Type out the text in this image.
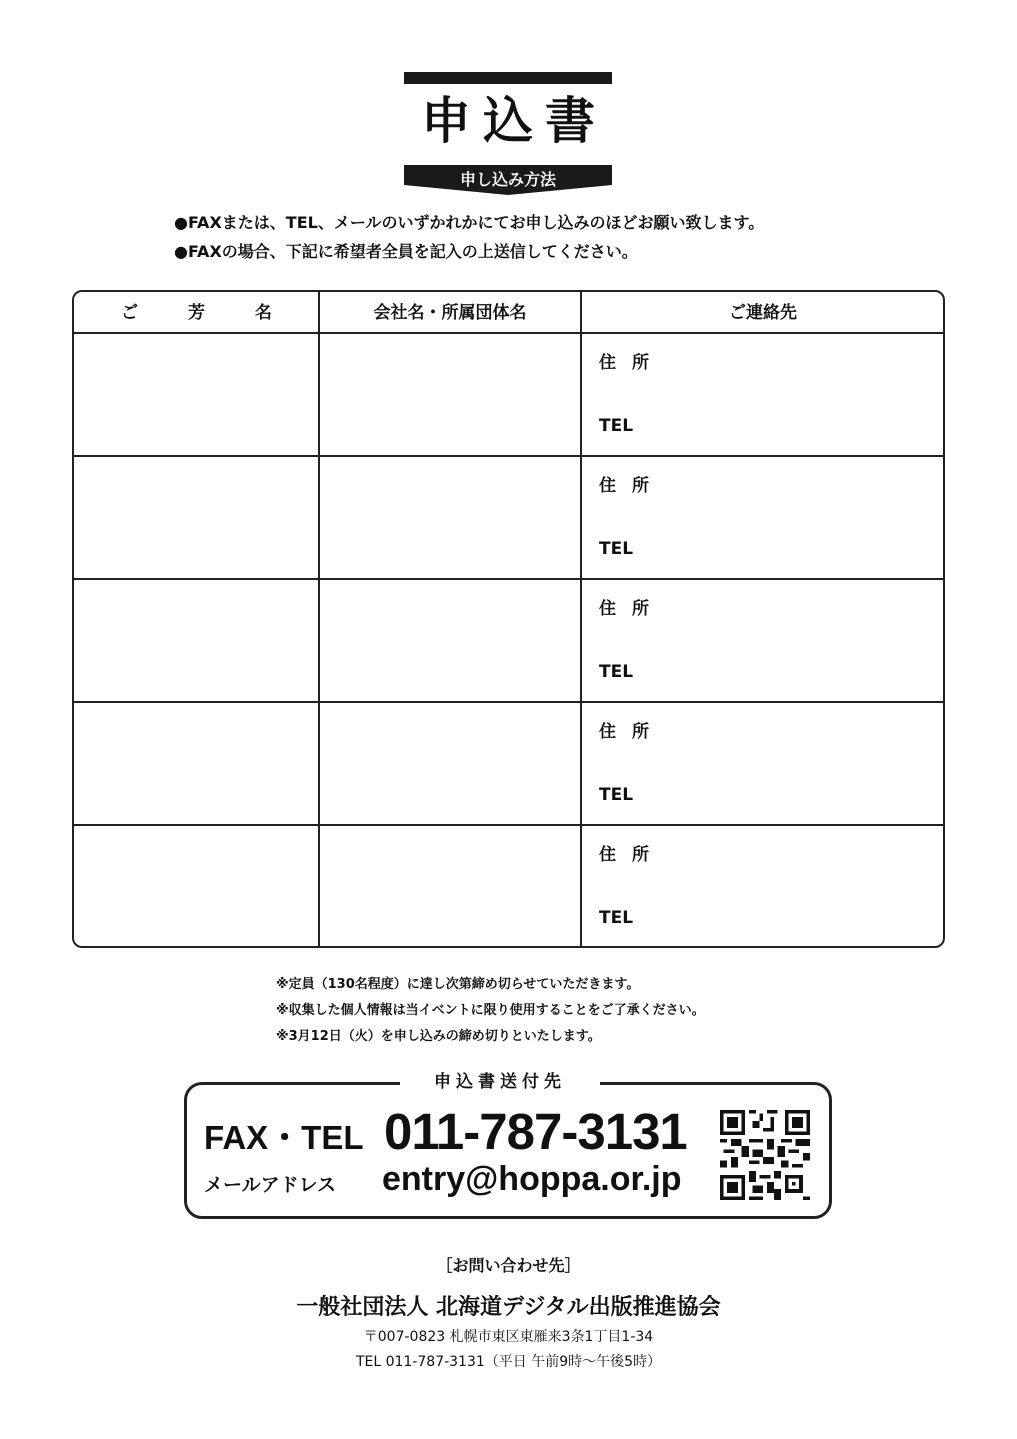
申込書
申し込み方法
●FAXまたは、TEL、メールのいずかれかにてお申し込みのほどお願い致します。
●FAXの場合、下記に希望者全員を記入の上送信してください。
ご 芳 名	会社名・所属団体名	ご連絡先
住所
TEL
住所
TEL
住所
TEL
住所
TEL
住所
TEL
※定員（130名程度）に達し次第締め切らせていただきます。
※収集した個人情報は当イベントに限り使用することをご了承ください。
※3月12日（火）を申し込みの締め切りといたします。
申込書送付先
FAX・TEL 011-787-3131
メールアドレス entry@hoppa.or.jp
［お問い合わせ先］
一般社団法人 北海道デジタル出版推進協会
〒007-0823 札幌市東区東雁来3条1丁目1-34
TEL 011-787-3131（平日 午前9時～午後5時）
